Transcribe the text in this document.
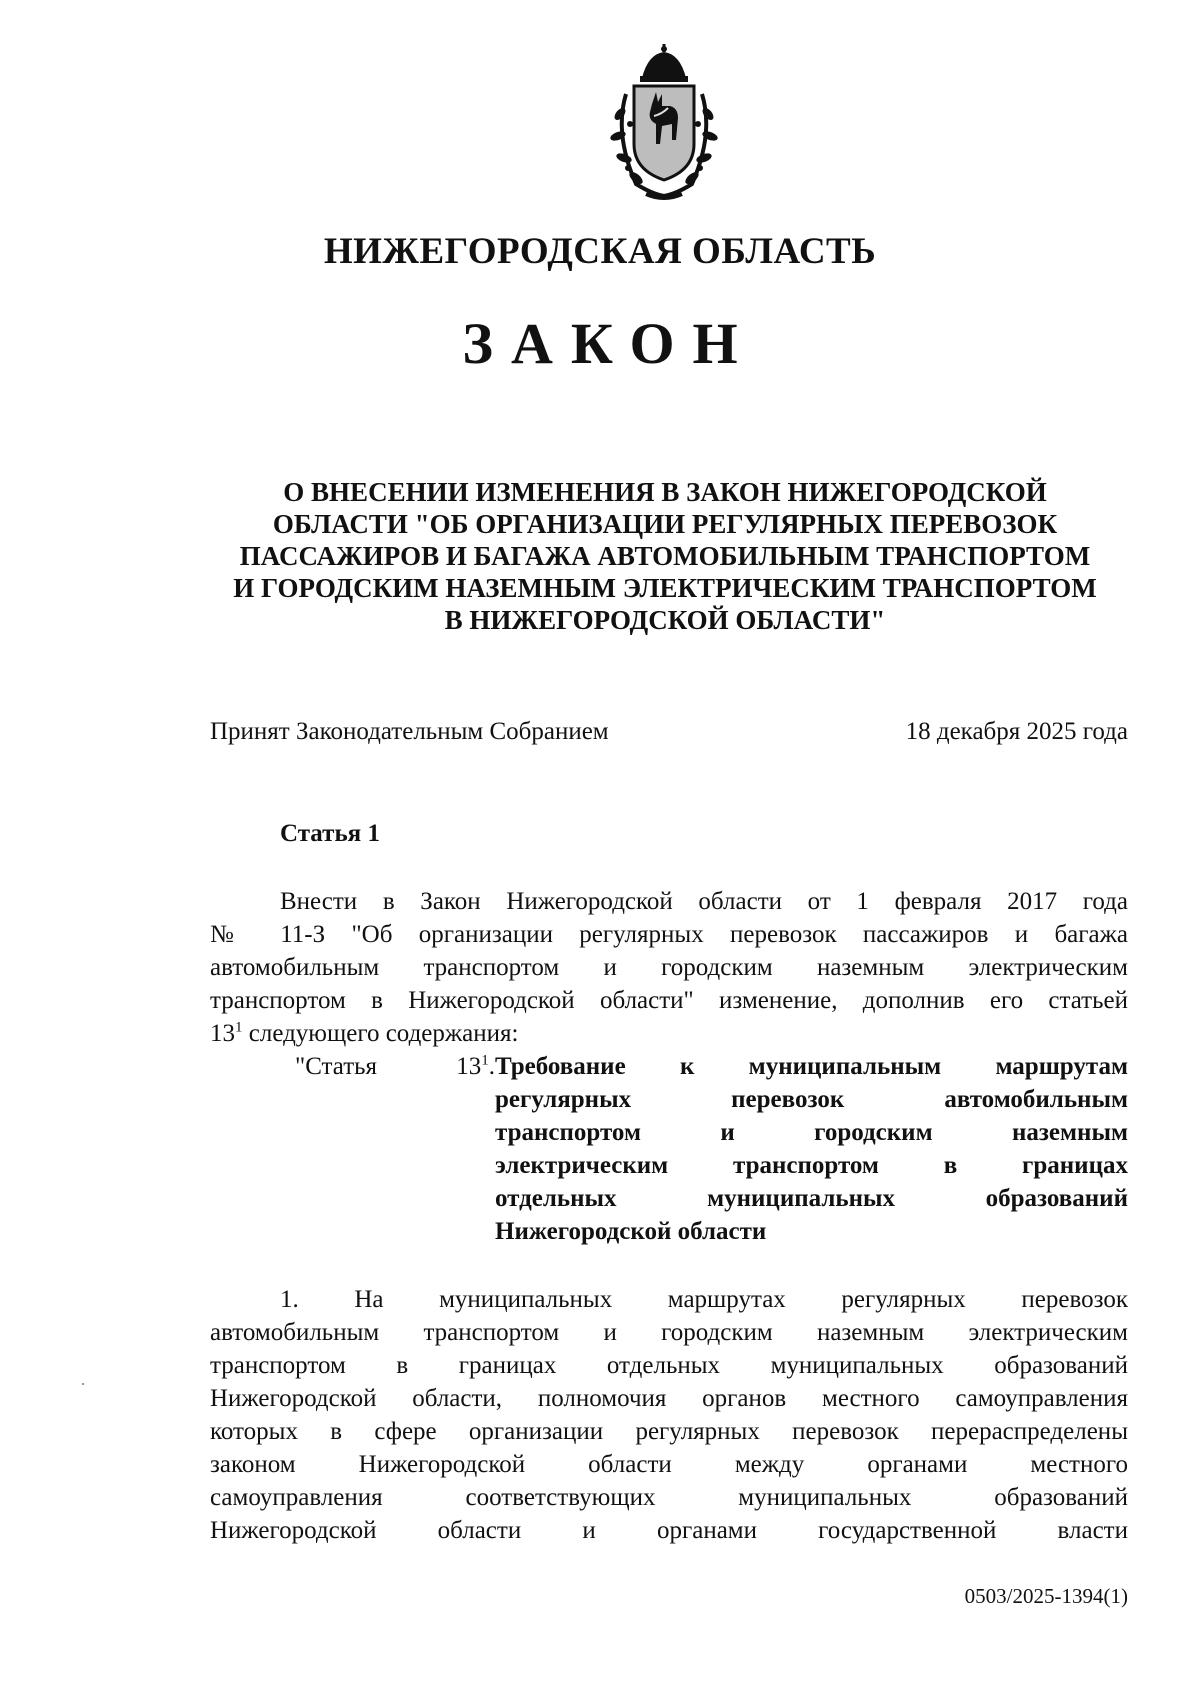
НИЖЕГОРОДСКАЯ ОБЛАСТЬ
ЗАКОН
О ВНЕСЕНИИ ИЗМЕНЕНИЯ В ЗАКОН НИЖЕГОРОДСКОЙ
ОБЛАСТИ "ОБ ОРГАНИЗАЦИИ РЕГУЛЯРНЫХ ПЕРЕВОЗОК
ПАССАЖИРОВ И БАГАЖА АВТОМОБИЛЬНЫМ ТРАНСПОРТОМ
И ГОРОДСКИМ НАЗЕМНЫМ ЭЛЕКТРИЧЕСКИМ ТРАНСПОРТОМ
В НИЖЕГОРОДСКОЙ ОБЛАСТИ"
Принят Законодательным Собранием	18 декабря 2025 года
Статья 1
Внести в Закон Нижегородской области от 1 февраля 2017 года
№ 11-З "Об организации регулярных перевозок пассажиров и багажа
автомобильным транспортом и городским наземным электрическим
транспортом в Нижегородской области" изменение, дополнив его статьей
$13^1$ следующего содержания:
"Статья	$13^1$. Требование к муниципальным маршрутам
регулярных перевозок автомобильным
транспортом и городским наземным
электрическим транспортом в границах
отдельных муниципальных образований
Нижегородской области
1. На муниципальных маршрутах регулярных перевозок
автомобильным транспортом и городским наземным электрическим
транспортом в границах отдельных муниципальных образований
Нижегородской области, полномочия органов местного самоуправления
которых в сфере организации регулярных перевозок перераспределены
законом Нижегородской области между органами местного
самоуправления соответствующих муниципальных образований
Нижегородской области и органами государственной власти
0503/2025-1394(1)
